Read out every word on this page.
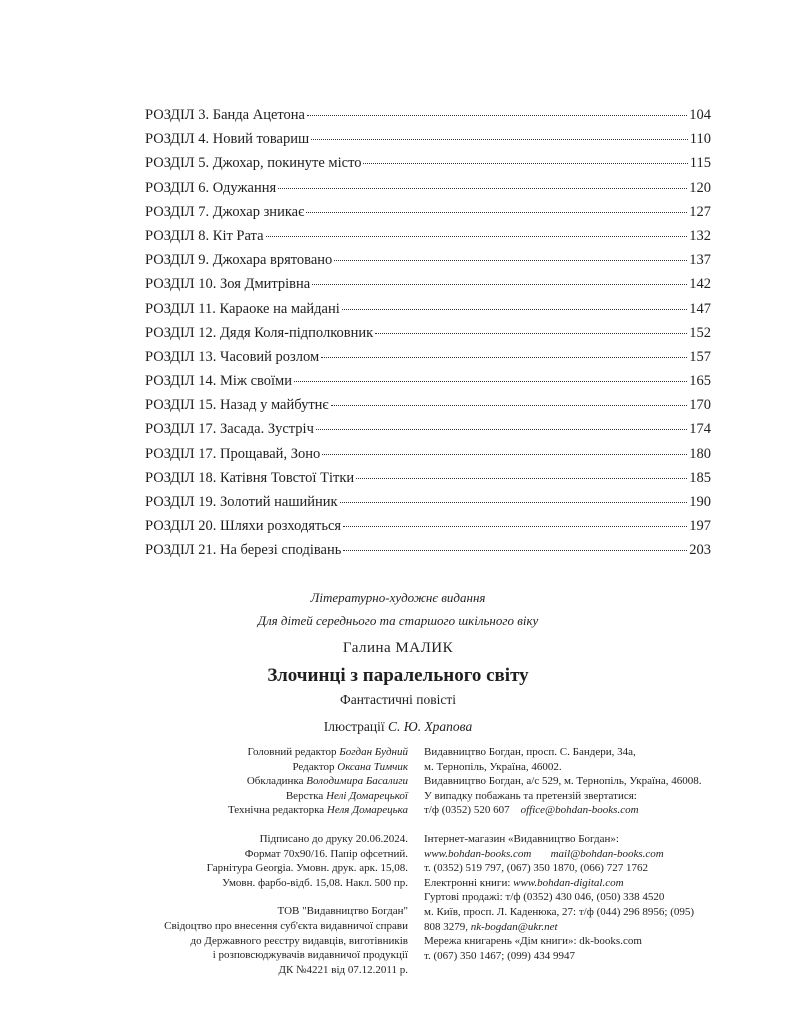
РОЗДІЛ 3. Банда Ацетона	104
РОЗДІЛ 4. Новий товариш	110
РОЗДІЛ 5. Джохар, покинуте місто	115
РОЗДІЛ 6. Одужання	120
РОЗДІЛ 7. Джохар зникає	127
РОЗДІЛ 8. Кіт Рата	132
РОЗДІЛ 9. Джохара врятовано	137
РОЗДІЛ 10. Зоя Дмитрівна	142
РОЗДІЛ 11. Караоке на майдані	147
РОЗДІЛ 12. Дядя Коля-підполковник	152
РОЗДІЛ 13. Часовий розлом	157
РОЗДІЛ 14. Між своїми	165
РОЗДІЛ 15. Назад у майбутнє	170
РОЗДІЛ 17. Засада. Зустріч	174
РОЗДІЛ 17. Прощавай, Зоно	180
РОЗДІЛ 18. Катівня Товстої Тітки	185
РОЗДІЛ 19. Золотий нашийник	190
РОЗДІЛ 20. Шляхи розходяться	197
РОЗДІЛ 21. На березі сподівань	203
Літературно-художнє видання
Для дітей середнього та старшого шкільного віку
Галина МАЛИК
Злочинці з паралельного світу
Фантастичні повісті
Ілюстрації С. Ю. Храпова
Головний редактор Богдан Будний
Редактор Оксана Тимчик
Обкладинка Володимира Басалиги
Верстка Нелі Домарецької
Технічна редакторка Неля Домарецька
Підписано до друку 20.06.2024.
Формат 70x90/16. Папір офсетний.
Гарнітура Georgia. Умовн. друк. арк. 15,08.
Умовн. фарбо-відб. 15,08. Накл. 500 пр.
ТОВ "Видавництво Богдан"
Свідоцтво про внесення суб'єкта видавничої справи
до Державного реєстру видавців, виготівників
і розповсюджувачів видавничої продукції
ДК №4221 від 07.12.2011 р.
Видавництво Богдан, просп. С. Бандери, 34а,
м. Тернопіль, Україна, 46002.
Видавництво Богдан, а/с 529, м. Тернопіль, Україна, 46008.
У випадку побажань та претензій звертатися:
т/ф (0352) 520 607 office@bohdan-books.com
Інтернет-магазин «Видавництво Богдан»:
www.bohdan-books.com mail@bohdan-books.com
т. (0352) 519 797, (067) 350 1870, (066) 727 1762
Електронні книги: www.bohdan-digital.com
Гуртові продажі: т/ф (0352) 430 046, (050) 338 4520
м. Київ, просп. Л. Каденюка, 27: т/ф (044) 296 8956; (095)
808 3279, nk-bogdan@ukr.net
Мережа книгарень «Дім книги»: dk-books.com
т. (067) 350 1467; (099) 434 9947
